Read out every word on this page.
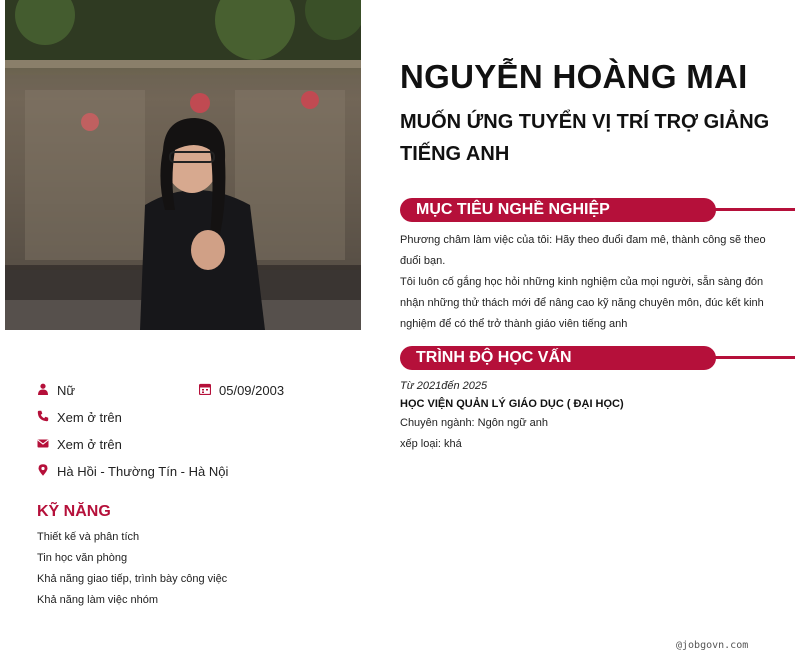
NGUYỄN HOÀNG MAI
MUỐN ỨNG TUYỂN VỊ TRÍ TRỢ GIẢNG TIẾNG ANH
MỤC TIÊU NGHỀ NGHIỆP

Phương châm làm việc của tôi: Hãy theo đuổi đam mê, thành công sẽ theo đuổi bạn.

Tôi luôn cố gắng học hỏi những kinh nghiệm của mọi người, sẵn sàng đón nhận những thử thách mới để nâng cao kỹ năng chuyên môn, đúc kết kinh nghiệm để có thể trở thành giáo viên tiếng anh

TRÌNH ĐỘ HỌC VẤN
Từ 2021đến 2025
HỌC VIỆN QUẢN LÝ GIÁO DỤC ( ĐẠI HỌC)
Chuyên ngành: Ngôn ngữ anh
xếp loại: khá
Nữ	05/09/2003
Xem ở trên
Xem ở trên
Hà Hồi - Thường Tín - Hà Nội
KỸ NĂNG
Thiết kế và phân tích
Tin học văn phòng
Khả năng giao tiếp, trình bày công việc
Khả năng làm việc nhóm
@jobgovn.com
